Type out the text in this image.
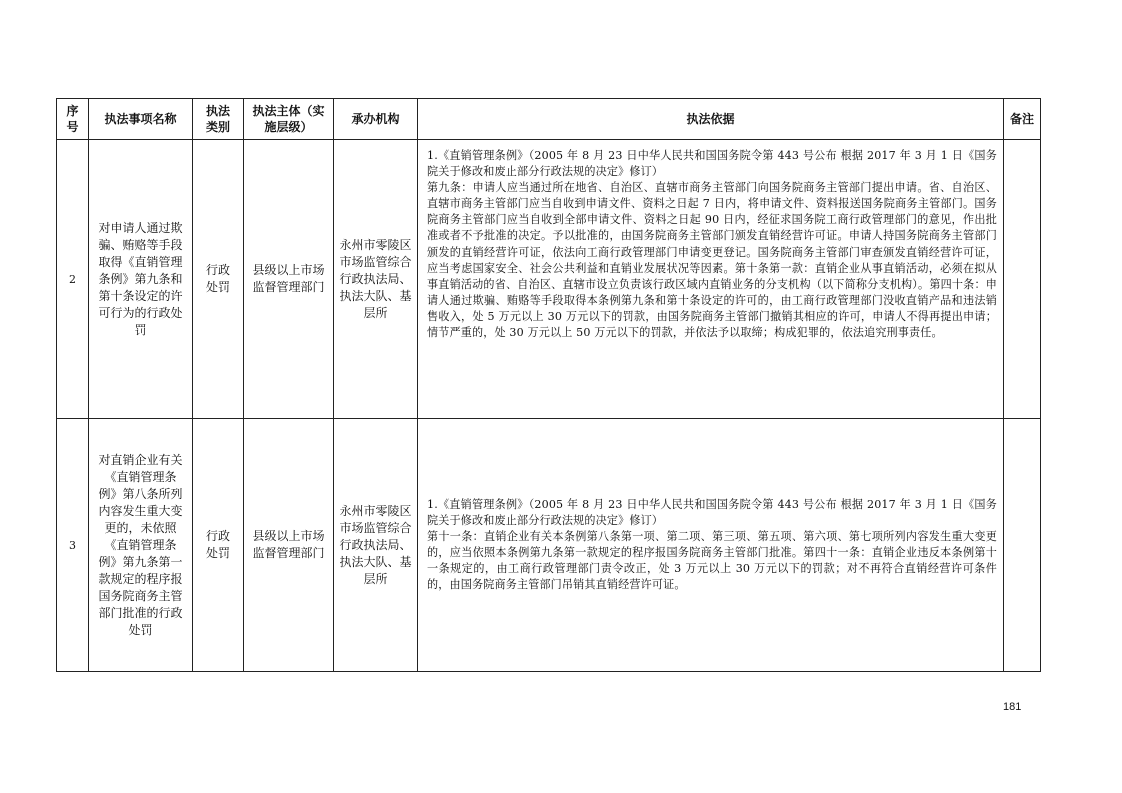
序号	执法事项名称	执法类别	执法主体（实施层级）	承办机构	执法依据	备注
2	对申请人通过欺骗、贿赂等手段取得《直销管理条例》第九条和第十条设定的许可行为的行政处罚	行政处罚	县级以上市场监督管理部门	永州市零陵区市场监管综合行政执法局、执法大队、基层所	1.《直销管理条例》（2005 年 8 月 23 日中华人民共和国国务院令第 443 号公布 根据 2017 年 3 月 1 日《国务院关于修改和废止部分行政法规的决定》修订）

第九条：申请人应当通过所在地省、自治区、直辖市商务主管部门向国务院商务主管部门提出申请。省、自治区、直辖市商务主管部门应当自收到申请文件、资料之日起 7 日内，将申请文件、资料报送国务院商务主管部门。国务院商务主管部门应当自收到全部申请文件、资料之日起 90 日内，经征求国务院工商行政管理部门的意见，作出批准或者不予批准的决定。予以批准的，由国务院商务主管部门颁发直销经营许可证。申请人持国务院商务主管部门颁发的直销经营许可证，依法向工商行政管理部门申请变更登记。国务院商务主管部门审查颁发直销经营许可证，应当考虑国家安全、社会公共利益和直销业发展状况等因素。第十条第一款：直销企业从事直销活动，必须在拟从事直销活动的省、自治区、直辖市设立负责该行政区域内直销业务的分支机构（以下简称分支机构）。第四十条：申请人通过欺骗、贿赂等手段取得本条例第九条和第十条设定的许可的，由工商行政管理部门没收直销产品和违法销售收入，处 5 万元以上 30 万元以下的罚款，由国务院商务主管部门撤销其相应的许可，申请人不得再提出申请；情节严重的，处 30 万元以上 50 万元以下的罚款，并依法予以取缔；构成犯罪的，依法追究刑事责任。	

3	对直销企业有关《直销管理条例》第八条所列内容发生重大变更的，未依照《直销管理条例》第九条第一款规定的程序报国务院商务主管部门批准的行政处罚	行政处罚	县级以上市场监督管理部门	永州市零陵区市场监管综合行政执法局、执法大队、基层所	1.《直销管理条例》（2005 年 8 月 23 日中华人民共和国国务院令第 443 号公布 根据 2017 年 3 月 1 日《国务院关于修改和废止部分行政法规的决定》修订）

第十一条：直销企业有关本条例第八条第一项、第二项、第三项、第五项、第六项、第七项所列内容发生重大变更的，应当依照本条例第九条第一款规定的程序报国务院商务主管部门批准。第四十一条：直销企业违反本条例第十一条规定的，由工商行政管理部门责令改正，处 3 万元以上 30 万元以下的罚款；对不再符合直销经营许可条件的，由国务院商务主管部门吊销其直销经营许可证。	

181
